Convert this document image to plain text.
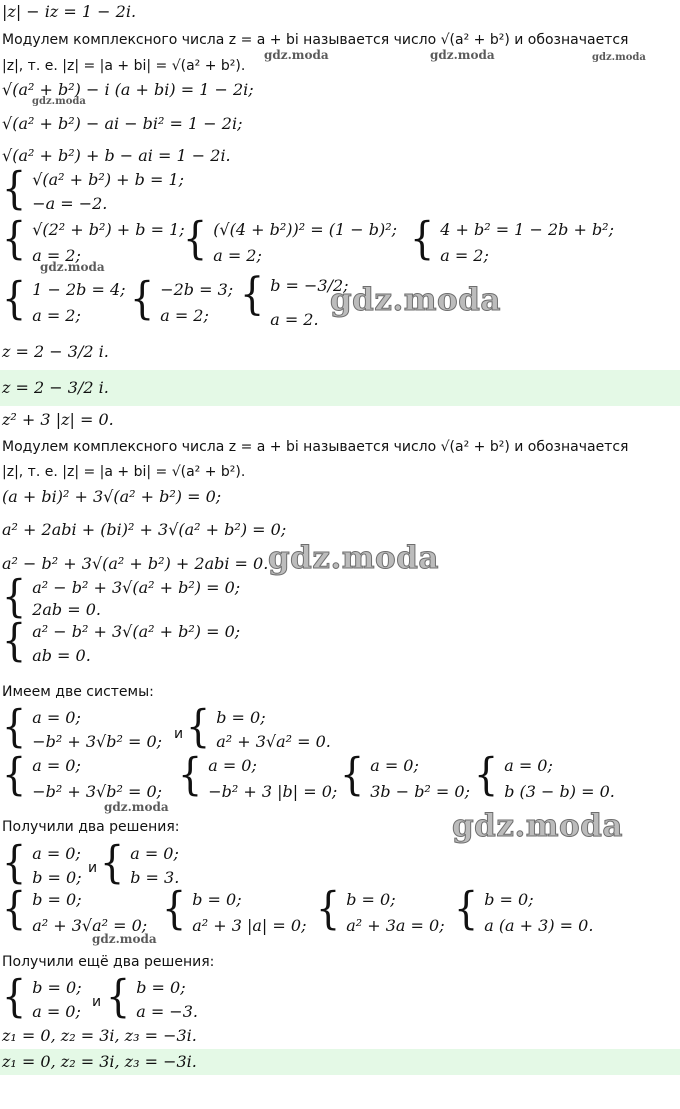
|z| − iz = 1 − 2i.
Модулем комплексного числа z = a + bi называется число √(a² + b²) и обозначается
|z|, т. е. |z| = |a + bi| = √(a² + b²).
√(a² + b²) − i (a + bi) = 1 − 2i;
√(a² + b²) − ai − bi² = 1 − 2i;
√(a² + b²) + b − ai = 1 − 2i.
{ √(a² + b²) + b = 1;
−a = −2.
{ √(2² + b²) + b = 1;
a = 2;	{ (√(4 + b²))² = (1 − b)²;
a = 2;	{ 4 + b² = 1 − 2b + b²;
a = 2;
{ 1 − 2b = 4;
a = 2;	{ −2b = 3;
a = 2; { b = −3/2;
a = 2.
z = 2 − 3/2 i.
z = 2 − 3/2 i.
z² + 3 |z| = 0.
Модулем комплексного числа z = a + bi называется число √(a² + b²) и обозначается
|z|, т. е. |z| = |a + bi| = √(a² + b²).
(a + bi)² + 3√(a² + b²) = 0;
a² + 2abi + (bi)² + 3√(a² + b²) = 0;
a² − b² + 3√(a² + b²) + 2abi = 0.
{ a² − b² + 3√(a² + b²) = 0;
2ab = 0.
{ a² − b² + 3√(a² + b²) = 0;
ab = 0.
Имеем две системы:
{ a = 0;
−b² + 3√b² = 0; и { b = 0;
a² + 3√a² = 0.
{ a = 0;
−b² + 3√b² = 0; { a = 0;
−b² + 3 |b| = 0; { a = 0;
3b − b² = 0; { a = 0;
b (3 − b) = 0.
Получили два решения:
{ a = 0;
b = 0; и { a = 0;
b = 3.
{ b = 0;
a² + 3√a² = 0; { b = 0;
a² + 3 |a| = 0; { b = 0;
a² + 3a = 0; { b = 0;
a (a + 3) = 0.
Получили ещё два решения:
{ b = 0;
a = 0; и { b = 0;
a = −3.
z₁ = 0, z₂ = 3i, z₃ = −3i.
z₁ = 0, z₂ = 3i, z₃ = −3i.
gdz.moda	gdz.moda	gdz.moda
gdz.moda
gdz.moda
gdz.moda
gdz.moda
gdz.moda
gdz.moda
gdz.moda
